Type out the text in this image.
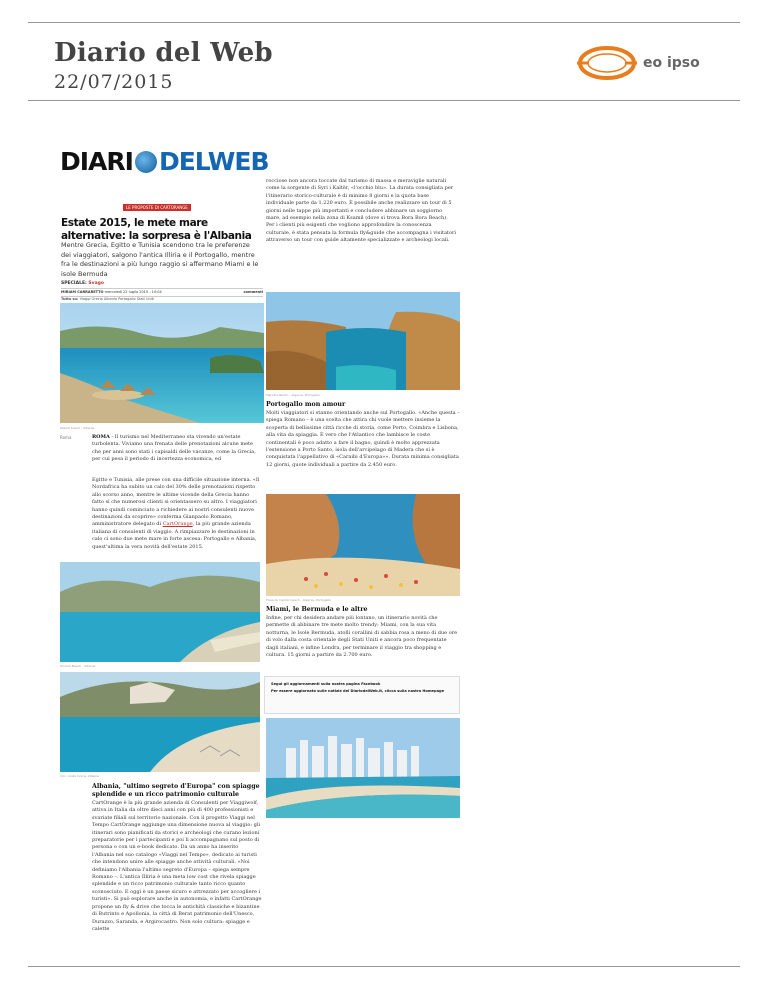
Diario del Web
22/07/2015
eo ipso
DIARI DELWEB
LE PROPOSTE DI CARTORANGE
Estate 2015, le mete mare alternative: la sorpresa è l'Albania
Mentre Grecia, Egitto e Tunisia scendono tra le preferenze dei viaggiatori, salgono l'antica Illiria e il Portogallo, mentre fra le destinazioni a più lungo raggio si affermano Miami e le isole Bermuda
SPECIALE: Svago
MIRIAM CARRARETTO mercoledì 22 luglio 2015 - 10:04	commenti
Tutto su: Viaggi Grecia Albania Portogallo Stati Uniti
Ksamil beach - Albania
Roma	ROMA - Il turismo nel Mediterraneo sta vivendo un'estate turbolenta. Viviamo una frenata delle prenotazioni alcune mete che per anni sono stati i capisaldi delle vacanze, come la Grecia, per cui pesa il periodo di incertezza economica, ed
Egitto e Tunisia, alle prese con una difficile situazione interna. «Il Nordafrica ha subìto un calo del 30% delle prenotazioni rispetto allo scorso anno, mentre le ultime vicende della Grecia hanno fatto sì che numerosi clienti si orientassero su altro. I viaggiatori hanno quindi cominciato a richiedere ai nostri consulenti nuove destinazioni da scoprire» conferma Gianpaolo Romano, amministratore delegato di CartOrange, la più grande azienda italiana di consulenti di viaggio. A rimpiazzare le destinazioni in calo ci sono due mete mare in forte ascesa: Portogallo e Albania, quest'ultima la vera novità dell'estate 2015.
Himara Beach - Albania
Vlor, costa Ionica, Albania
Albania, "ultimo segreto d'Europa" con spiagge splendide e un ricco patrimonio culturale
CartOrange è la più grande azienda di Consulenti per Viaggiwolf, attiva in Italia da oltre dieci anni con più di 400 professionisti e svariate filiali sul territorio nazionale. Con il progetto Viaggi nel Tempo CartOrange aggiunge una dimensione nuova al viaggio: gli itinerari sono pianificati da storici e archeologi che curano lezioni preparatorie per i partecipanti e poi li accompagnano sul posto di persona o con un e-book dedicato. Da un anno ha inserito l'Albania nel suo catalogo «Viaggi nel Tempo», dedicato ai turisti che intendono unire alle spiagge anche attività culturali. «Noi definiamo l'Albania l'ultimo segreto d'Europa – spiega sempre Romano –. L'antica Illiria è una meta low cost che rivela spiagge splendide e un ricco patrimonio culturale tanto ricco quanto sconosciuto. E oggi è un paese sicuro e attrezzato per accogliere i turisti». Si può esplorare anche in autonomia, e infatti CartOrange propone un fly & drive che tocca le antichità classiche e bizantine di Butrinto e Apollonia, la città di Berat patrimonio dell'Unesco, Durazzo, Saranda, e Argirocastro. Non solo cultura: spiagge e calette
rocciose non ancora toccate dal turismo di massa e meraviglie naturali come la sorgente di Syri i Kaltër, «l'occhio blu». La durata consigliata per l'itinerario storico-culturale è di minimo 8 giorni e la quota base individuale parte da 1.220 euro. È possibile anche realizzare un tour di 5 giorni nelle tappe più importanti e concludere abbinare un soggiorno mare, ad esempio nella zona di Ksamil (dove si trova Bora Bora Beach). Per i clienti più esigenti che vogliono approfondire la conoscenza culturale, è stata pensata la formula fly&guide che accompagna i visitatori attraverso un tour con guide altamente specializzate e archeologi locali.
Marinha Beach - Algarve, Portogallo
Portogallo mon amour
Molti viaggiatori si stanno orientando anche sul Portogallo. «Anche questa – spiega Romano – è una scelta che attira chi vuole mettere insieme la scoperta di bellissime città ricche di storia, come Porto, Coimbra e Lisbona, alla vita da spiaggia. È vero che l'Atlantico che lambisce le coste continentali è poco adatto a fare il bagno, quindi è molto apprezzata l'estensione a Porto Santo, isola dell'arcipelago di Madera che si è conquistata l'appellativo di «Caraibi d'Europa»». Durata minima consigliata 12 giorni, quote individuali a partire da 2.450 euro.
Praia do Camilo beach - Algarve, Portogallo
Miami, le Bermuda e le altre
Infine, per chi desidera andare più lontano, un itinerario novità che permette di abbinare tre mete molto trendy: Miami, con la sua vita notturna, le Isole Bermuda, atolli corallini di sabbia rosa a meno di due ore di volo dalla costa orientale degli Stati Uniti e ancora poco frequentate dagli italiani, e infine Londra, per terminare il viaggio tra shopping e cultura. 15 giorni a partire da 2.700 euro.
Segui gli aggiornamenti sulla nostra pagina Facebook
Per essere aggiornato sulle notizie del DiariodelWeb.it, clicca sulla nostra Homepage
